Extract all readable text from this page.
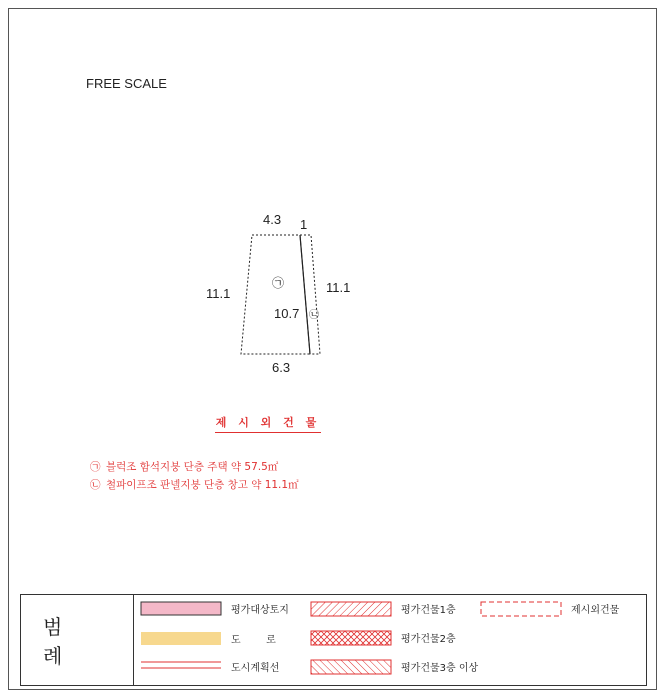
FREE SCALE
4.3 1
11.1	11.1
10.7
6.3
㉠
㉡
제 시 외 건 물
㉠ 블럭조 함석지붕 단층 주택 약 57.5㎡
㉡ 철파이프조 판넬지붕 단층 창고 약 11.1㎡
범 례
평가대상토지
도        로
도시계획선
평가건물1층
평가건물2층
평가건물3층 이상
제시외건물
